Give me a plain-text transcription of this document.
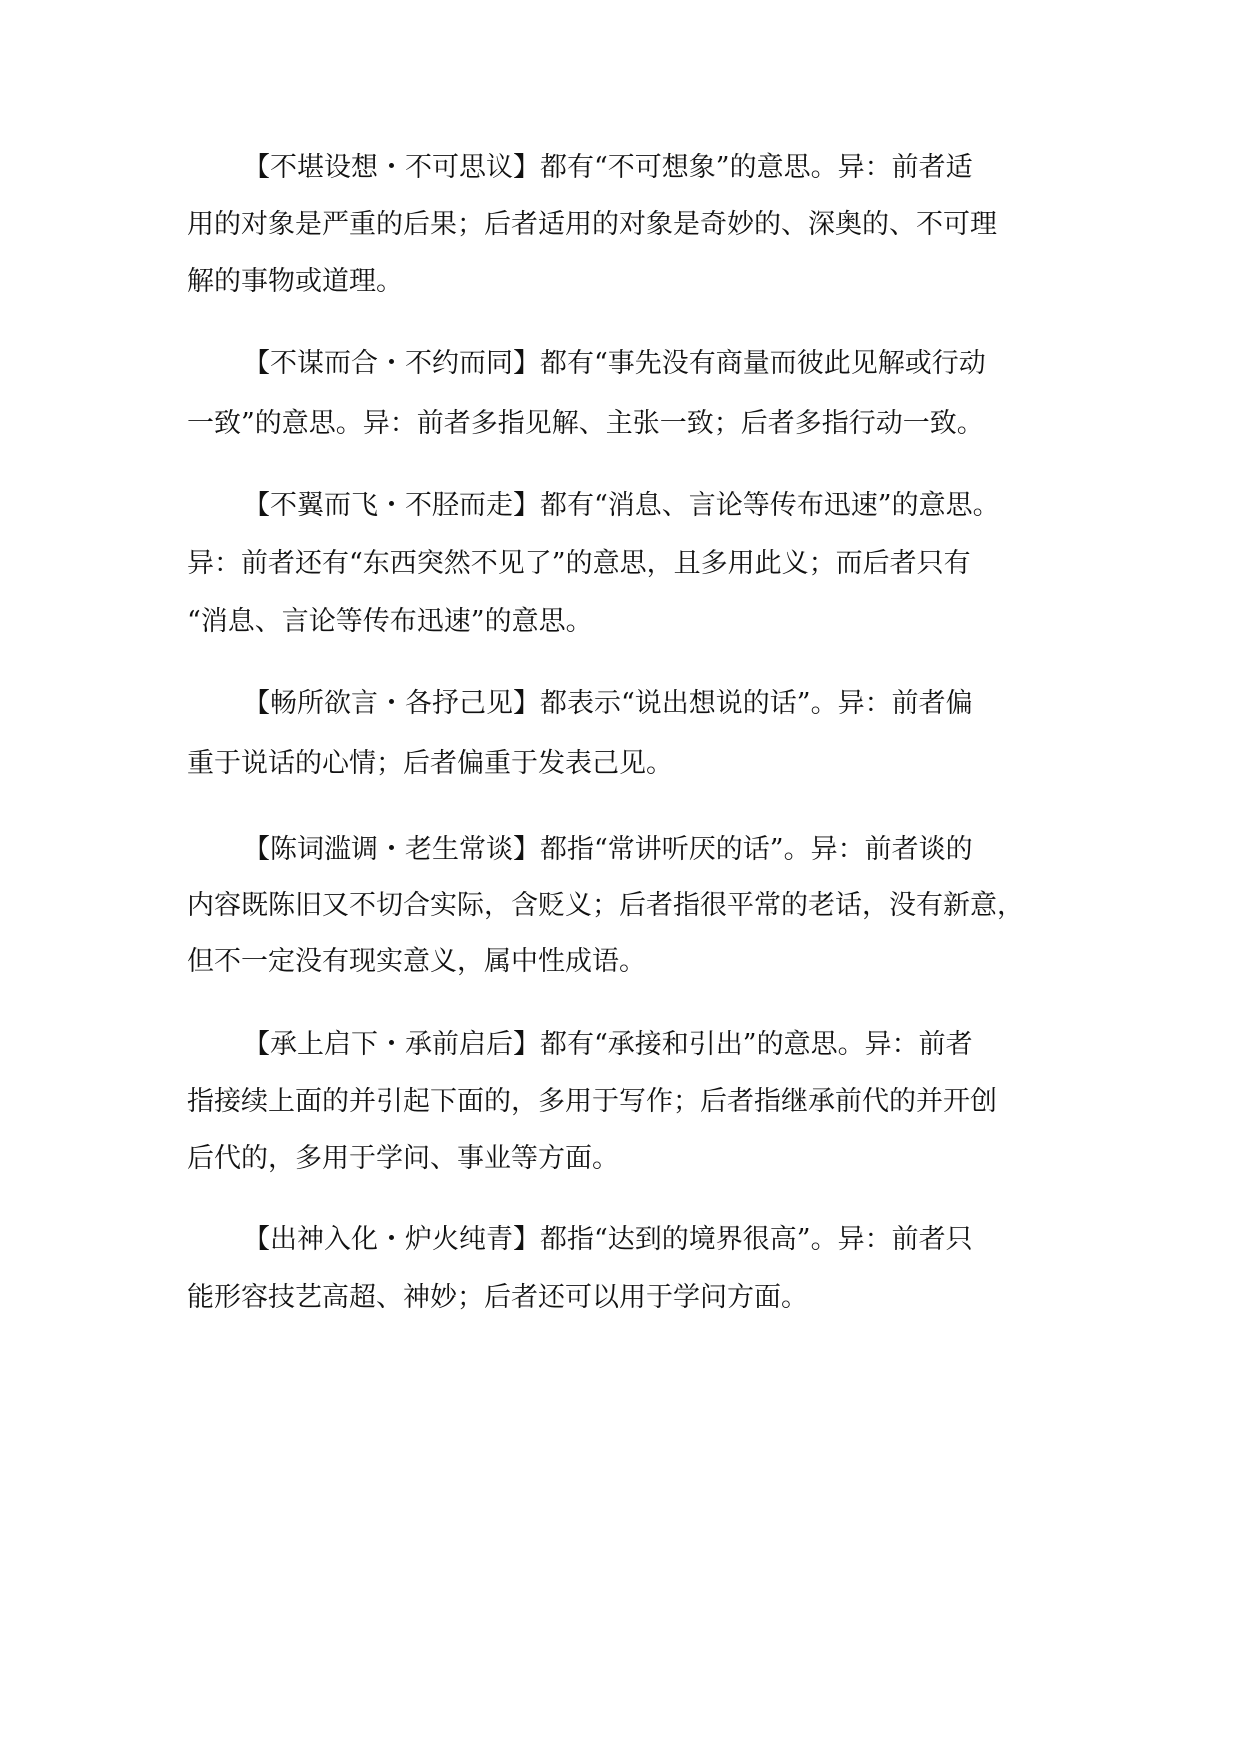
【不堪设想・不可思议】都有“不可想象”的意思。异：前者适
用的对象是严重的后果；后者适用的对象是奇妙的、深奥的、不可理
解的事物或道理。
【不谋而合・不约而同】都有“事先没有商量而彼此见解或行动
一致”的意思。异：前者多指见解、主张一致；后者多指行动一致。
【不翼而飞・不胫而走】都有“消息、言论等传布迅速”的意思。
异：前者还有“东西突然不见了”的意思，且多用此义；而后者只有
“消息、言论等传布迅速”的意思。
【畅所欲言・各抒己见】都表示“说出想说的话”。异：前者偏
重于说话的心情；后者偏重于发表己见。
【陈词滥调・老生常谈】都指“常讲听厌的话”。异：前者谈的
内容既陈旧又不切合实际，含贬义；后者指很平常的老话，没有新意，
但不一定没有现实意义，属中性成语。
【承上启下・承前启后】都有“承接和引出”的意思。异：前者
指接续上面的并引起下面的，多用于写作；后者指继承前代的并开创
后代的，多用于学问、事业等方面。
【出神入化・炉火纯青】都指“达到的境界很高”。异：前者只
能形容技艺高超、神妙；后者还可以用于学问方面。
